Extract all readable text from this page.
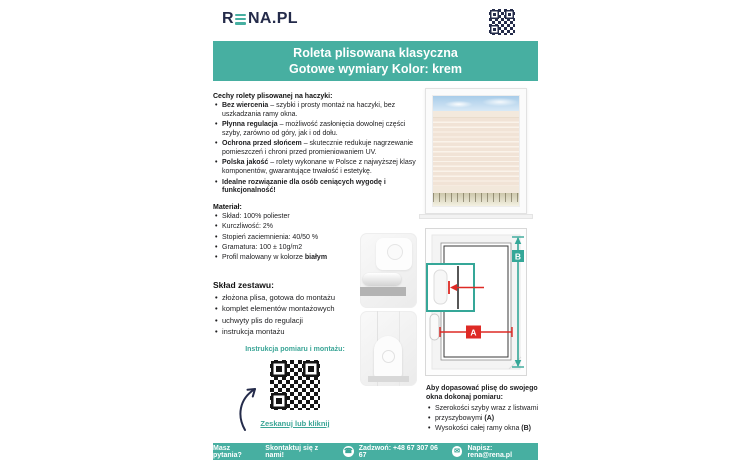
R NA.PL
Roleta plisowana klasyczna
Gotowe wymiary Kolor: krem
Cechy rolety plisowanej na haczyki:
• Bez wiercenia – szybki i prosty montaż na haczyki, bez uszkadzania ramy okna.
• Płynna regulacja – możliwość zasłonięcia dowolnej części szyby, zarówno od góry, jak i od dołu.
• Ochrona przed słońcem – skutecznie redukuje nagrzewanie pomieszczeń i chroni przed promieniowaniem UV.
• Polska jakość – rolety wykonane w Polsce z najwyższej klasy komponentów, gwarantujące trwałość i estetykę.
• Idealne rozwiązanie dla osób ceniących wygodę i funkcjonalność!
Materiał:
• Skład: 100% poliester
• Kurczliwość: 2%
• Stopień zaciemnienia: 40/50 %
• Gramatura: 100 ± 10g/m2
• Profil malowany w kolorze białym
Skład zestawu:
• złożona plisa, gotowa do montażu
• komplet elementów montażowych
• uchwyty plis do regulacji
• instrukcja montażu
Instrukcja pomiaru i montażu:
Zeskanuj lub kliknij
B
A
Aby dopasować plisę do swojego okna dokonaj pomiaru:
• Szerokości szyby wraz z listwami
• przyszybowymi (A)
• Wysokości całej ramy okna (B)
Masz pytania?
Skontaktuj się z nami!	☎ Zadzwoń: +48 67 307 06 67	✉ Napisz: rena@rena.pl
